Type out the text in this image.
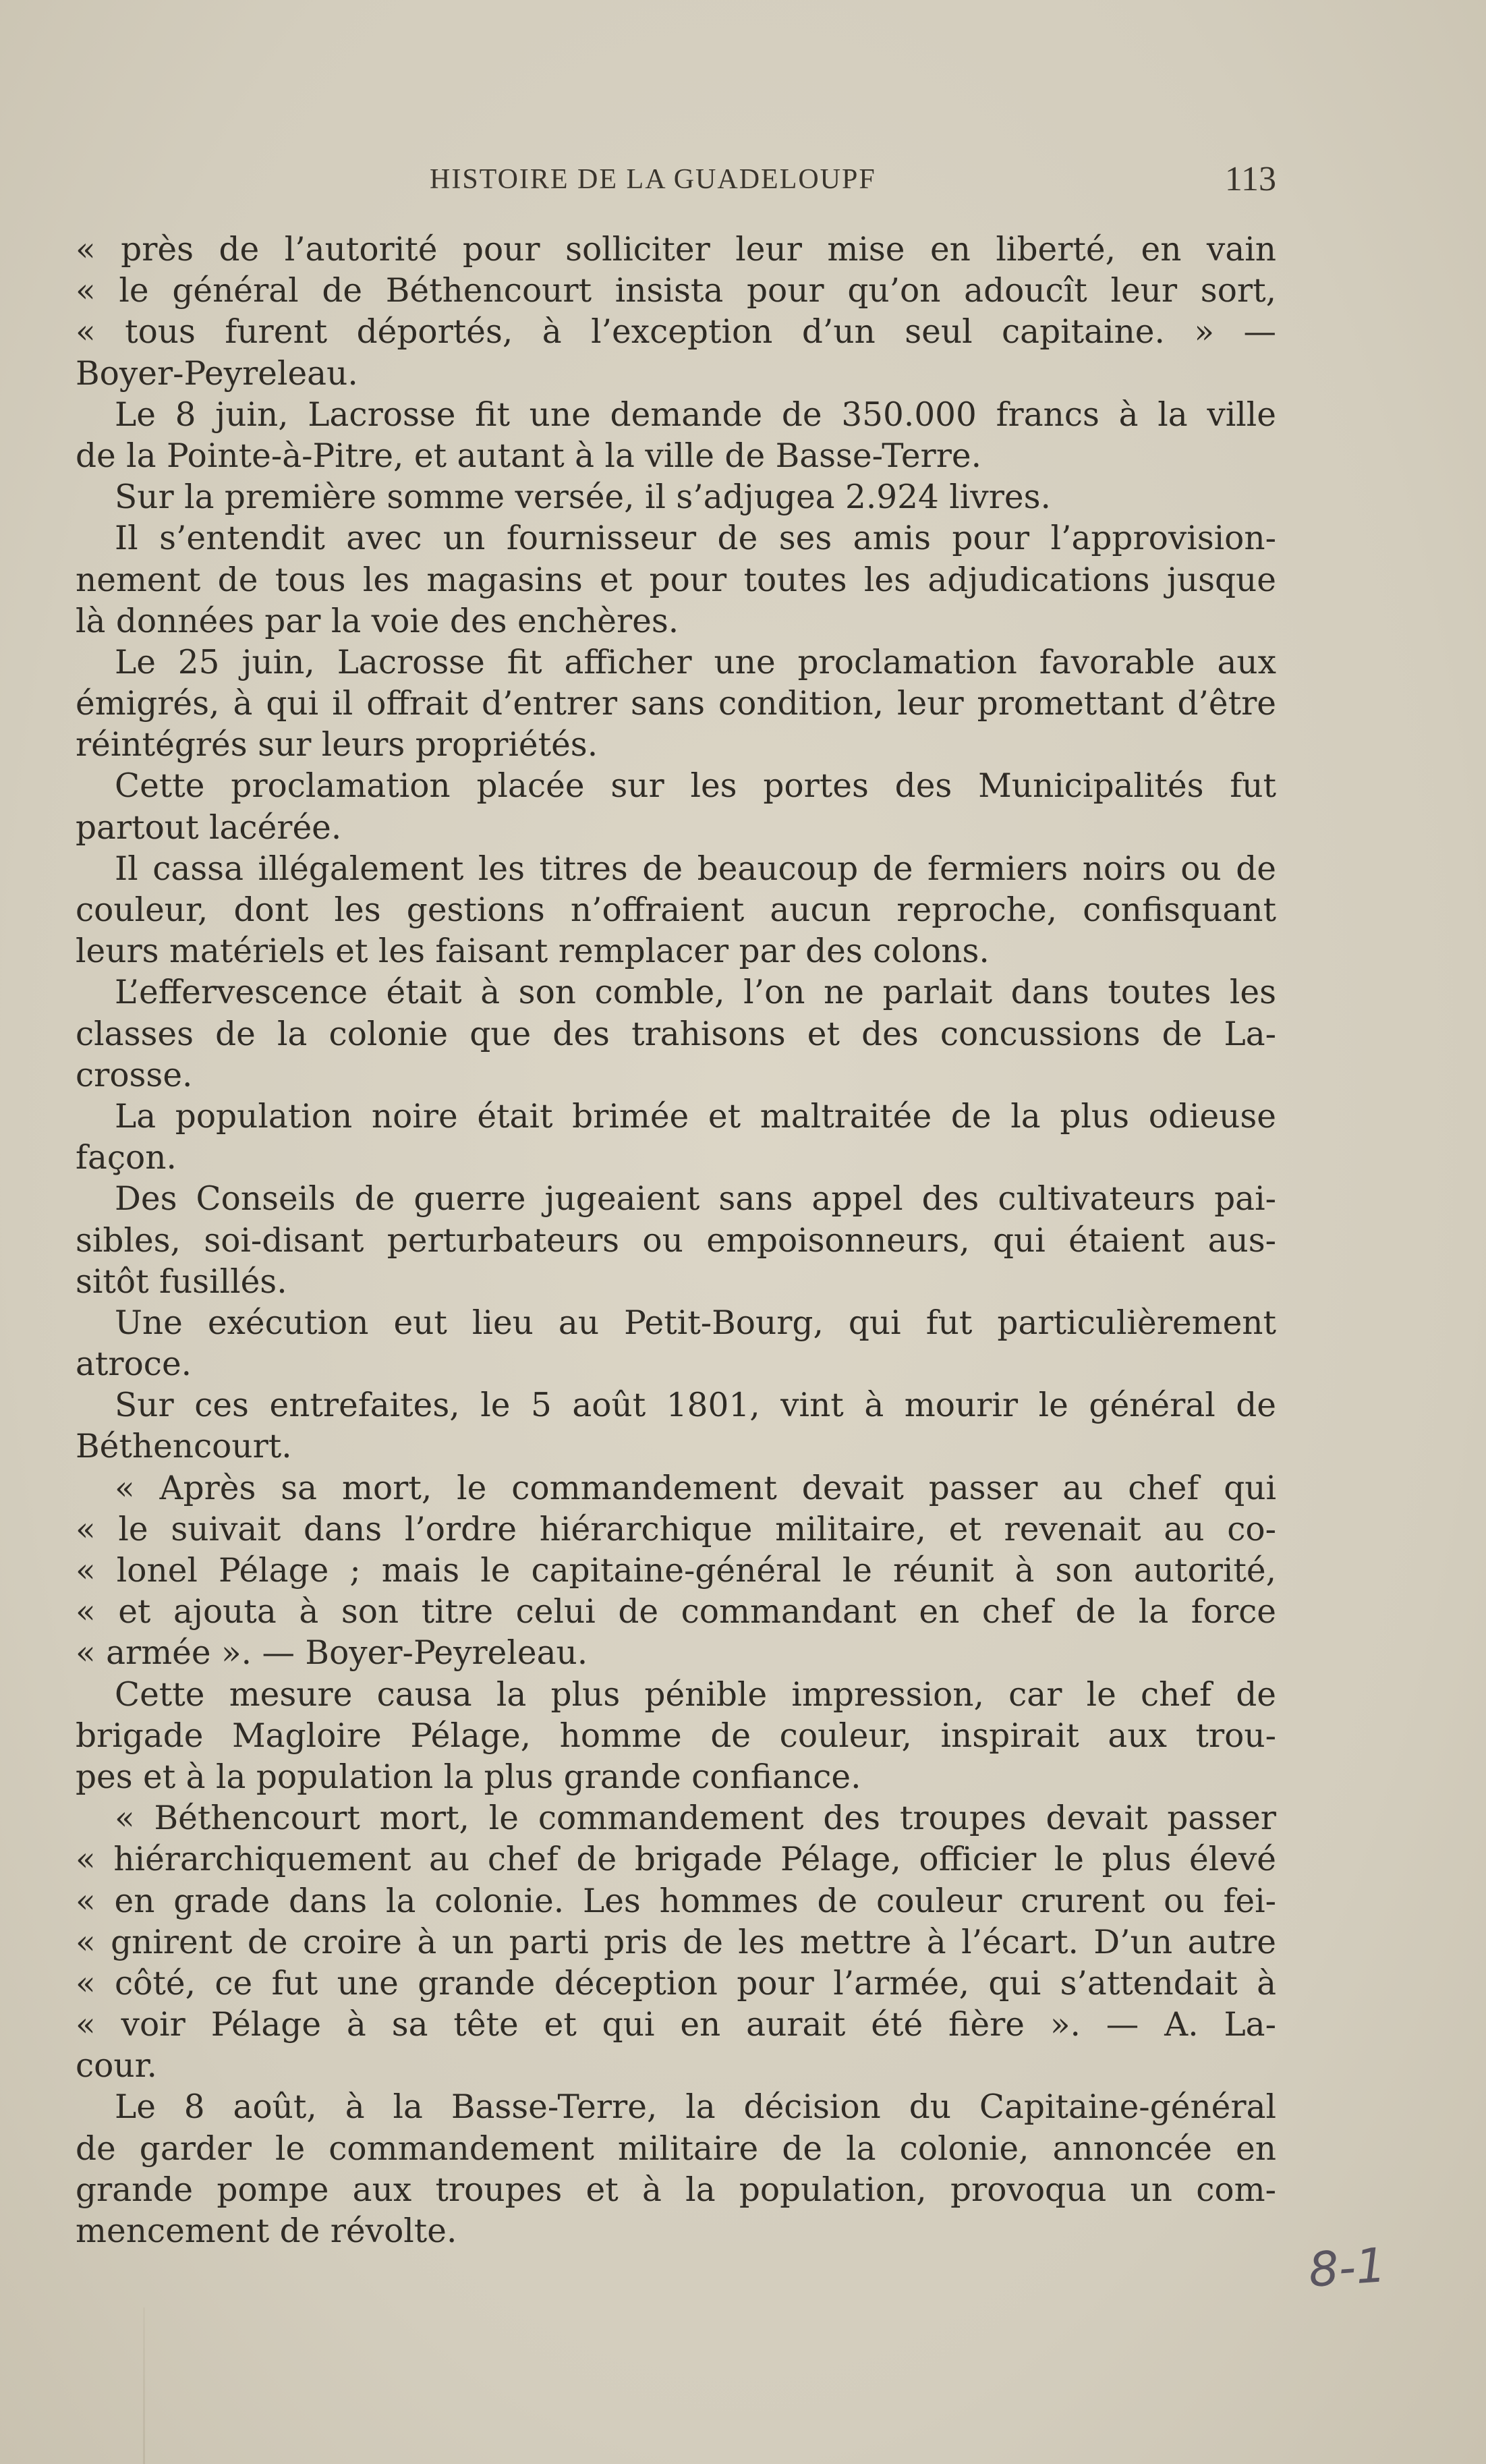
HISTOIRE DE LA GUADELOUPF	113
« près de l’autorité pour solliciter leur mise en liberté, en vain
« le général de Béthencourt insista pour qu’on adoucît leur sort,
« tous furent déportés, à l’exception d’un seul capitaine. » —
Boyer-Peyreleau.
Le 8 juin, Lacrosse fit une demande de 350.000 francs à la ville
de la Pointe-à-Pitre, et autant à la ville de Basse-Terre.
Sur la première somme versée, il s’adjugea 2.924 livres.
Il s’entendit avec un fournisseur de ses amis pour l’approvision-
nement de tous les magasins et pour toutes les adjudications jusque
là données par la voie des enchères.
Le 25 juin, Lacrosse fit afficher une proclamation favorable aux
émigrés, à qui il offrait d’entrer sans condition, leur promettant d’être
réintégrés sur leurs propriétés.
Cette proclamation placée sur les portes des Municipalités fut
partout lacérée.
Il cassa illégalement les titres de beaucoup de fermiers noirs ou de
couleur, dont les gestions n’offraient aucun reproche, confisquant
leurs matériels et les faisant remplacer par des colons.
L’effervescence était à son comble, l’on ne parlait dans toutes les
classes de la colonie que des trahisons et des concussions de La-
crosse.
La population noire était brimée et maltraitée de la plus odieuse
façon.
Des Conseils de guerre jugeaient sans appel des cultivateurs pai-
sibles, soi-disant perturbateurs ou empoisonneurs, qui étaient aus-
sitôt fusillés.
Une exécution eut lieu au Petit-Bourg, qui fut particulièrement
atroce.
Sur ces entrefaites, le 5 août 1801, vint à mourir le général de
Béthencourt.
« Après sa mort, le commandement devait passer au chef qui
« le suivait dans l’ordre hiérarchique militaire, et revenait au co-
« lonel Pélage ; mais le capitaine-général le réunit à son autorité,
« et ajouta à son titre celui de commandant en chef de la force
« armée ». — Boyer-Peyreleau.
Cette mesure causa la plus pénible impression, car le chef de
brigade Magloire Pélage, homme de couleur, inspirait aux trou-
pes et à la population la plus grande confiance.
« Béthencourt mort, le commandement des troupes devait passer
« hiérarchiquement au chef de brigade Pélage, officier le plus élevé
« en grade dans la colonie. Les hommes de couleur crurent ou fei-
« gnirent de croire à un parti pris de les mettre à l’écart. D’un autre
« côté, ce fut une grande déception pour l’armée, qui s’attendait à
« voir Pélage à sa tête et qui en aurait été fière ». — A. La-
cour.
Le 8 août, à la Basse-Terre, la décision du Capitaine-général
de garder le commandement militaire de la colonie, annoncée en
grande pompe aux troupes et à la population, provoqua un com-
mencement de révolte.
8-1
